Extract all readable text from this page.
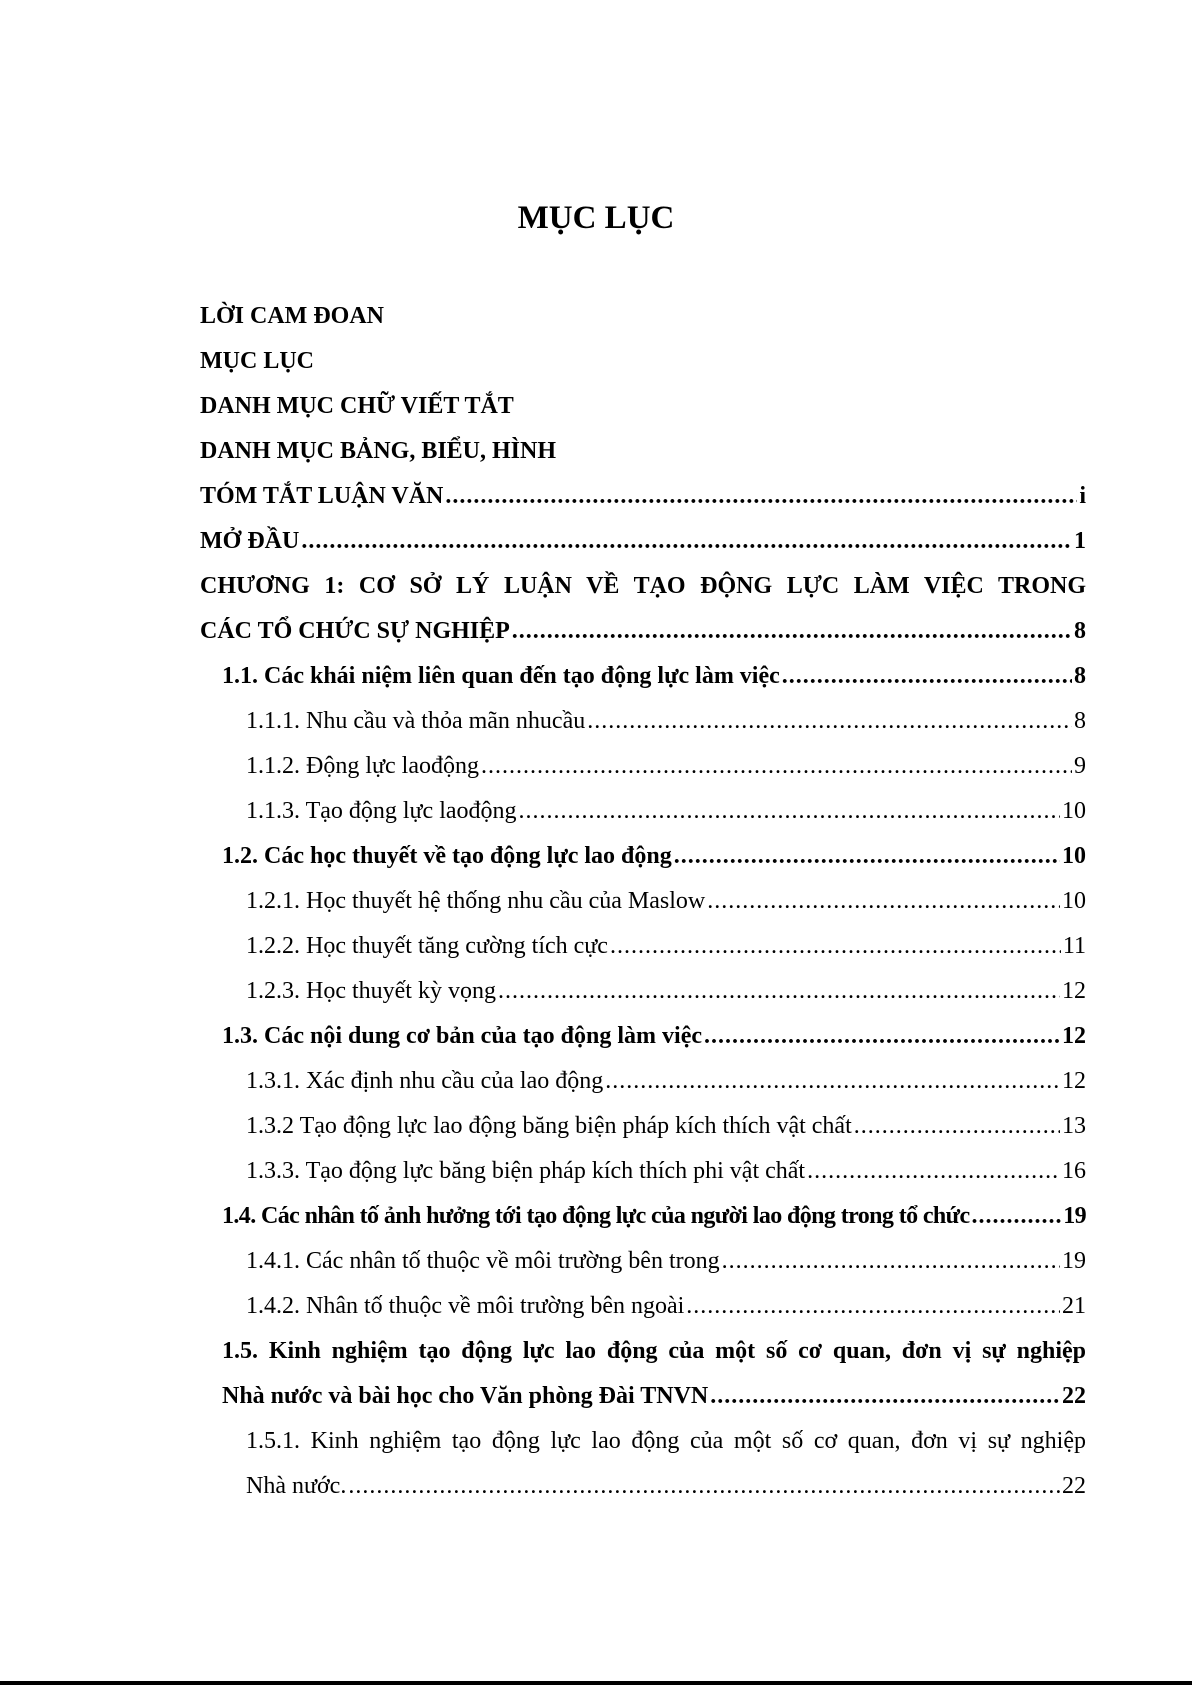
MỤC LỤC
LỜI CAM ĐOAN
MỤC LỤC
DANH MỤC CHỮ VIẾT TẮT
DANH MỤC BẢNG, BIỂU, HÌNH
TÓM TẮT LUẬN VĂN .....	i
MỞ ĐẦU .....	1
CHƯƠNG 1: CƠ SỞ LÝ LUẬN VỀ TẠO ĐỘNG LỰC LÀM VIỆC TRONG
CÁC TỔ CHỨC SỰ NGHIỆP .....	8
1.1. Các khái niệm liên quan đến tạo động lực làm việc .....	8
1.1.1. Nhu cầu và thỏa mãn nhucầu .....	8
1.1.2. Động lực laođộng .....	9
1.1.3. Tạo động lực laođộng .....	10
1.2. Các học thuyết về tạo động lực lao động .....	10
1.2.1. Học thuyết hệ thống nhu cầu của Maslow .....	10
1.2.2. Học thuyết tăng cường tích cực .....	11
1.2.3. Học thuyết kỳ vọng .....	12
1.3. Các nội dung cơ bản của tạo động làm việc .....	12
1.3.1. Xác định nhu cầu của lao động .....	12
1.3.2 Tạo động lực lao động băng biện pháp kích thích vật chất .....	13
1.3.3. Tạo động lực băng biện pháp kích thích phi vật chất .....	16
1.4. Các nhân tố ảnh hưởng tới tạo động lực của người lao động trong tổ chức .....	19
1.4.1. Các nhân tố thuộc về môi trường bên trong .....	19
1.4.2. Nhân tố thuộc về môi trường bên ngoài .....	21
1.5. Kinh nghiệm tạo động lực lao động của một số cơ quan, đơn vị sự nghiệp
Nhà nước và bài học cho Văn phòng Đài TNVN .....	22
1.5.1. Kinh nghiệm tạo động lực lao động của một số cơ quan, đơn vị sự nghiệp
Nhà nước. .....	22
